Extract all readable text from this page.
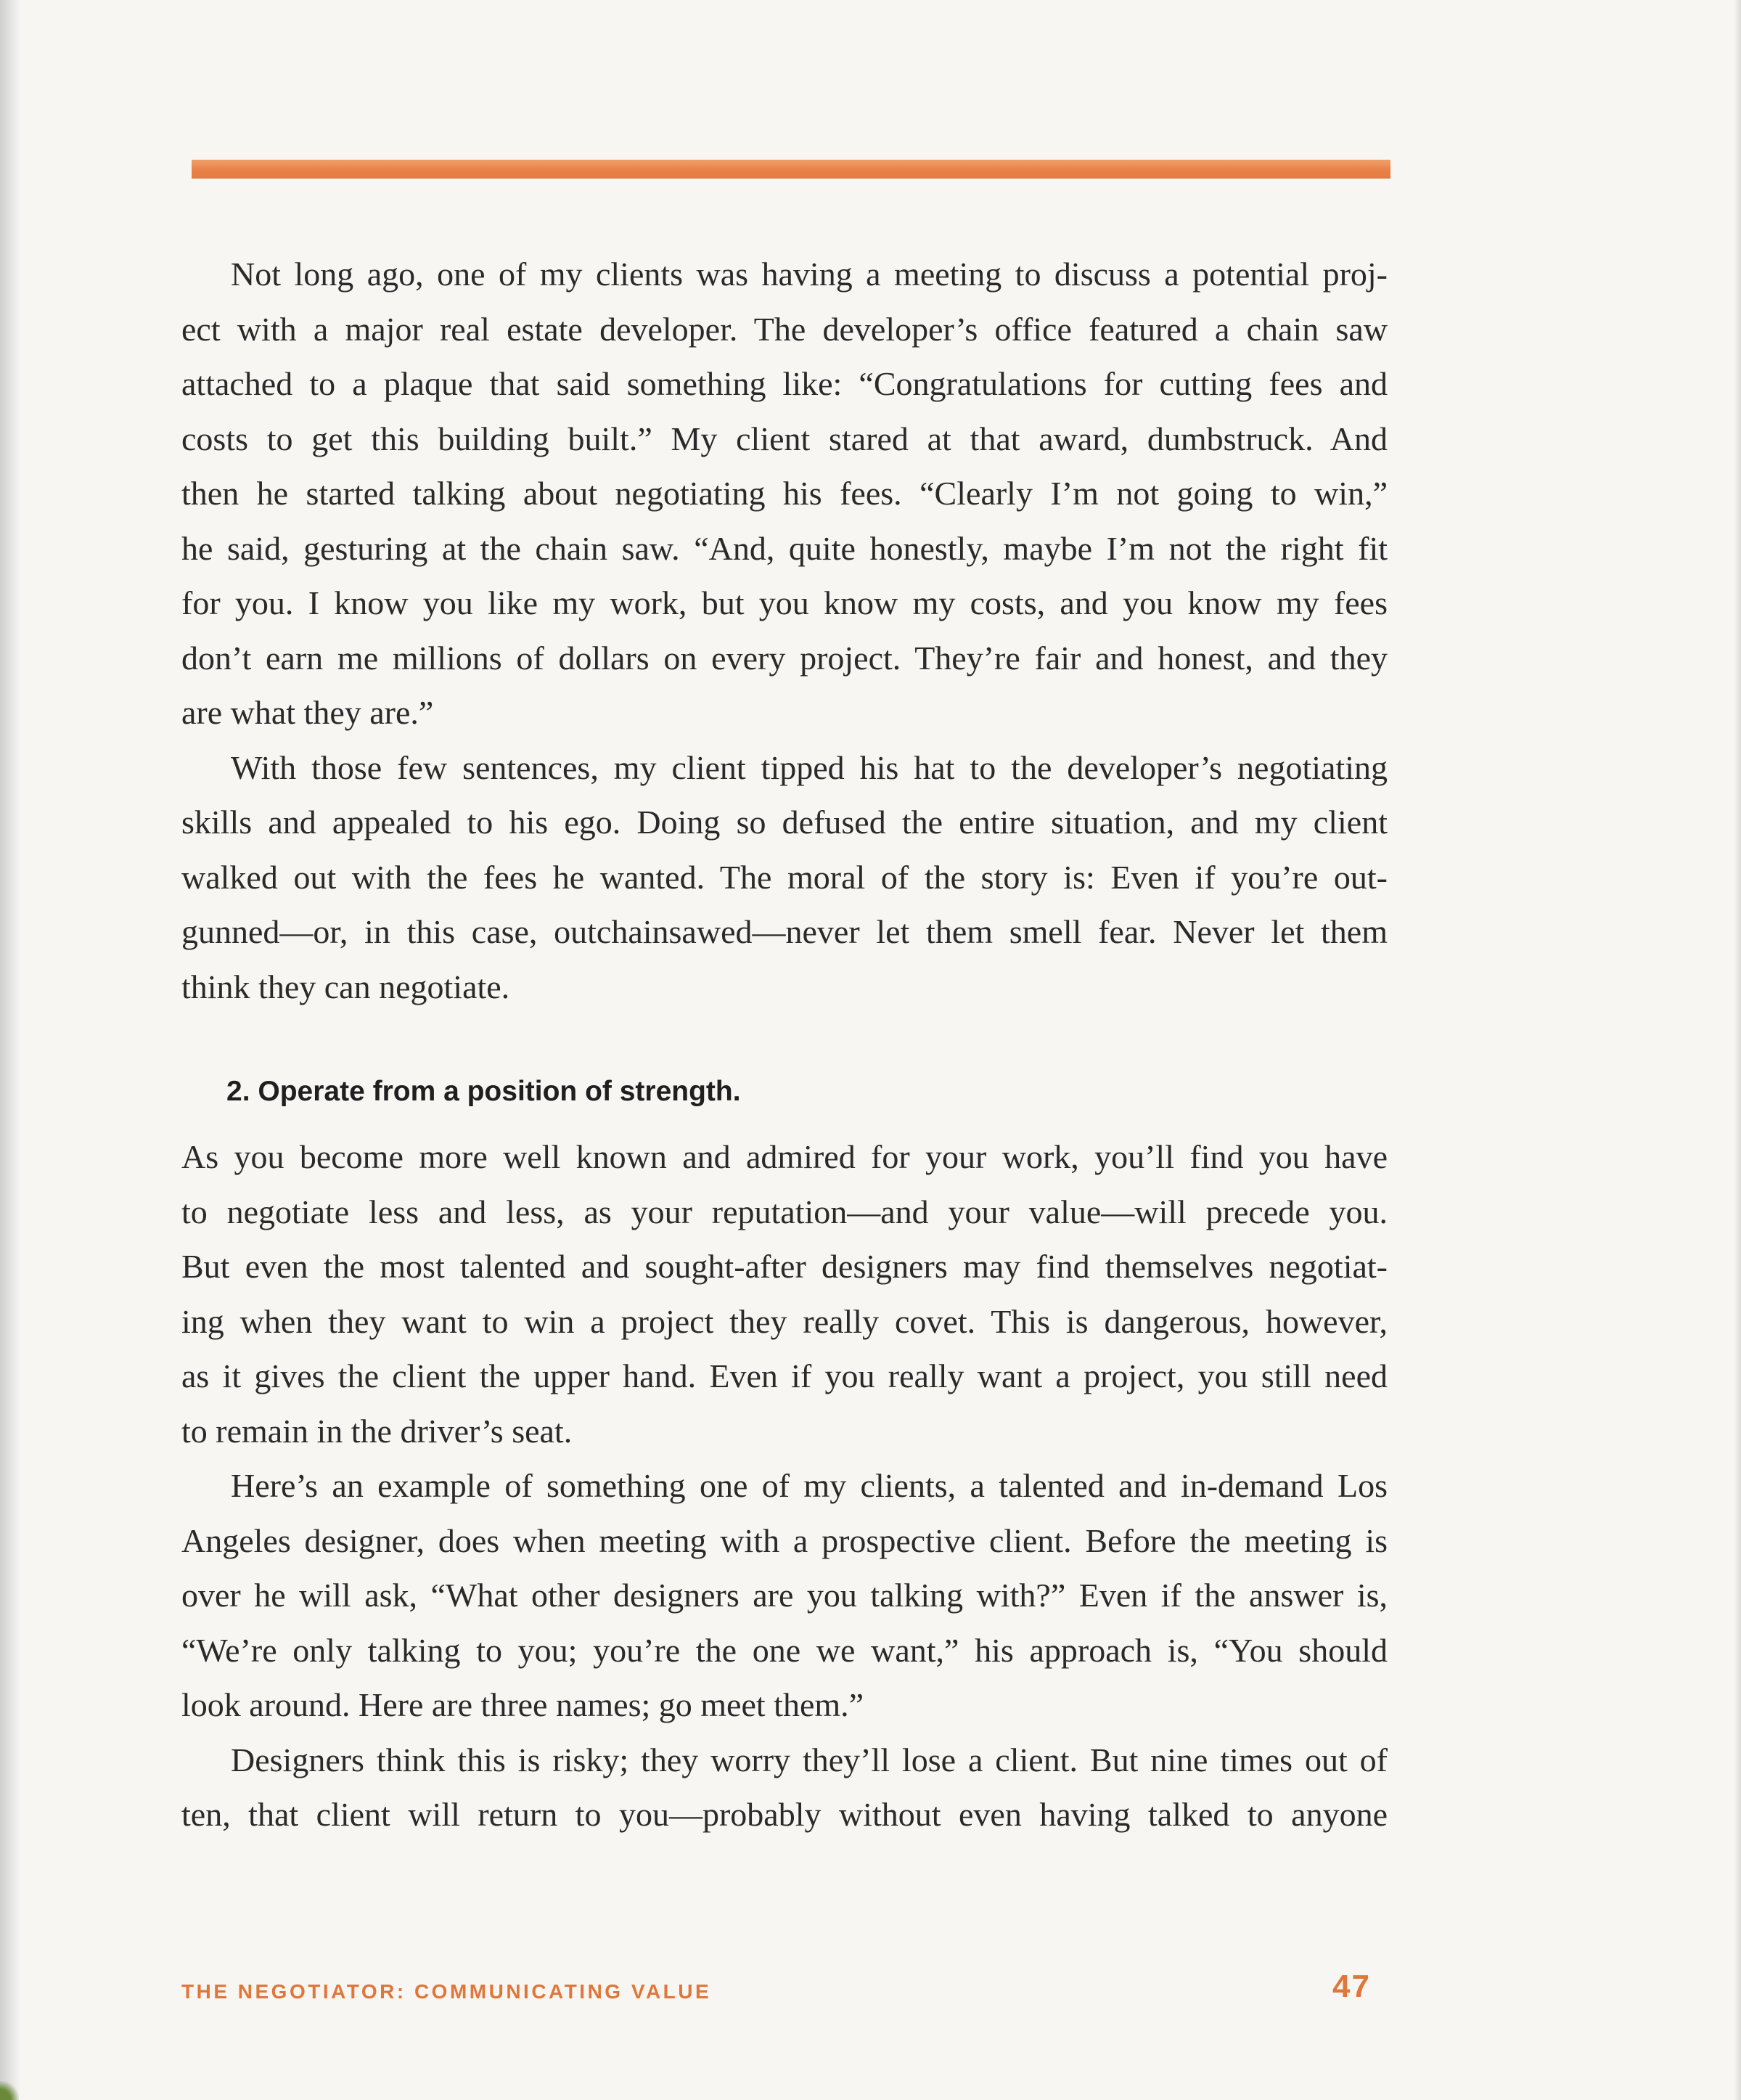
Not long ago, one of my clients was having a meeting to discuss a potential proj-
ect with a major real estate developer. The developer’s office featured a chain saw
attached to a plaque that said something like: “Congratulations for cutting fees and
costs to get this building built.” My client stared at that award, dumbstruck. And
then he started talking about negotiating his fees. “Clearly I’m not going to win,”
he said, gesturing at the chain saw. “And, quite honestly, maybe I’m not the right fit
for you. I know you like my work, but you know my costs, and you know my fees
don’t earn me millions of dollars on every project. They’re fair and honest, and they
are what they are.”
With those few sentences, my client tipped his hat to the developer’s negotiating
skills and appealed to his ego. Doing so defused the entire situation, and my client
walked out with the fees he wanted. The moral of the story is: Even if you’re out-
gunned—or, in this case, outchainsawed—never let them smell fear. Never let them
think they can negotiate.
2. Operate from a position of strength.
As you become more well known and admired for your work, you’ll find you have
to negotiate less and less, as your reputation—and your value—will precede you.
But even the most talented and sought-after designers may find themselves negotiat-
ing when they want to win a project they really covet. This is dangerous, however,
as it gives the client the upper hand. Even if you really want a project, you still need
to remain in the driver’s seat.
Here’s an example of something one of my clients, a talented and in-demand Los
Angeles designer, does when meeting with a prospective client. Before the meeting is
over he will ask, “What other designers are you talking with?” Even if the answer is,
“We’re only talking to you; you’re the one we want,” his approach is, “You should
look around. Here are three names; go meet them.”
Designers think this is risky; they worry they’ll lose a client. But nine times out of
ten, that client will return to you—probably without even having talked to anyone
THE NEGOTIATOR: COMMUNICATING VALUE	47
